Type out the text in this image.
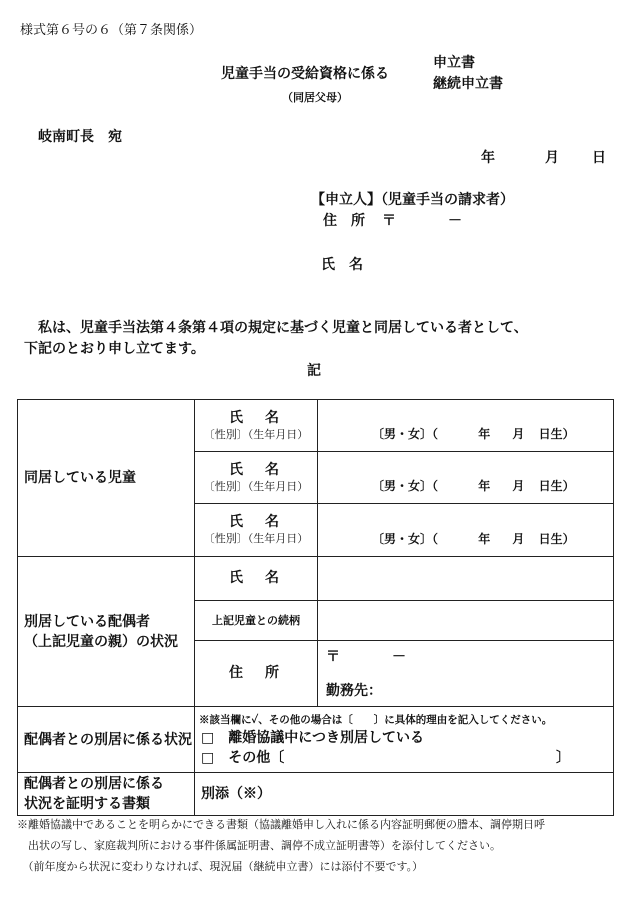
様式第６号の６（第７条関係）
児童手当の受給資格に係る
（同居父母）
申立書
継続申立書
岐南町長　宛
年	月 日
【申立人】（児童手当の請求者）
住　所 〒	－
氏　名
私は、児童手当法第４条第４項の規定に基づく児童と同居している者として、
下記のとおり申し立てます。
記
同居している児童	氏　名
〔性別〕（生年月日）	〔男・女〕（ 年 月 日生）

	氏　名
〔性別〕（生年月日）	〔男・女〕（ 年 月 日生）

	氏　名
〔性別〕（生年月日）	〔男・女〕（ 年 月 日生）

別居している配偶者
（上記児童の親）の状況	氏　名	

	上記児童との続柄	

	住　所	〒 －
勤務先：

配偶者との別居に係る状況	※該当欄に✓、その他の場合は〔　　〕に具体的理由を記入してください。
□　離婚協議中につき別居している
□　その他〔 〕	

配偶者との別居に係る
状況を証明する書類	別添（※）	
※離婚協議中であることを明らかにできる書類（協議離婚申し入れに係る内容証明郵便の謄本、調停期日呼
　出状の写し、家庭裁判所における事件係属証明書、調停不成立証明書等）を添付してください。
　（前年度から状況に変わりなければ、現況届（継続申立書）には添付不要です。）
